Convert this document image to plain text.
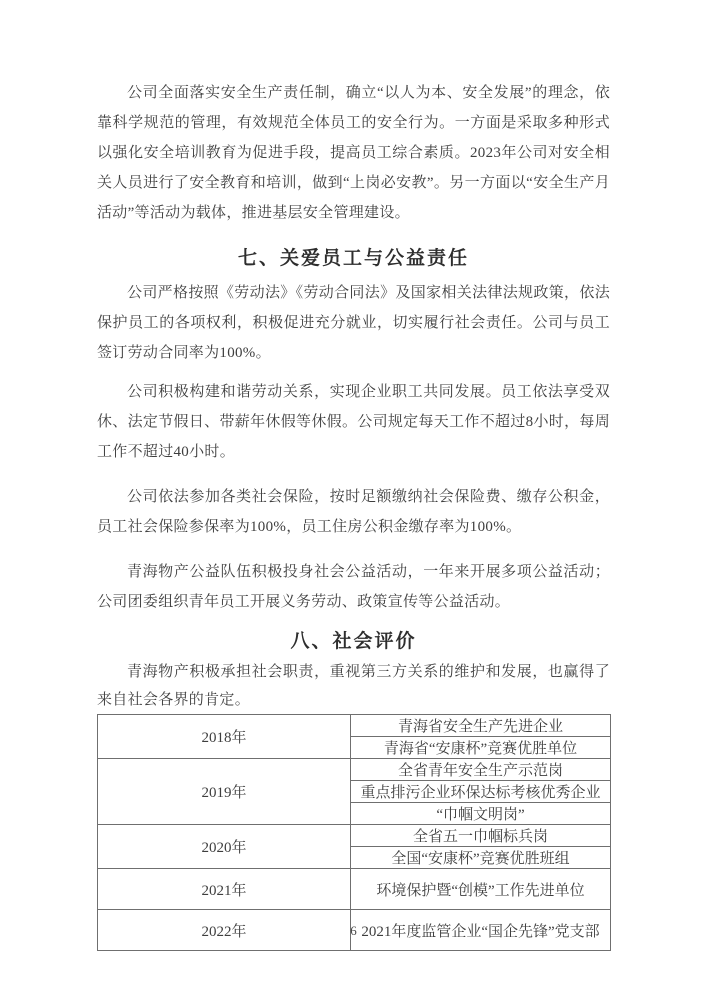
公司全面落实安全生产责任制，确立“以人为本、安全发展”的理念，依靠科学规范的管理，有效规范全体员工的安全行为。一方面是采取多种形式以强化安全培训教育为促进手段，提高员工综合素质。2023年公司对安全相关人员进行了安全教育和培训，做到“上岗必安教”。另一方面以“安全生产月活动”等活动为载体，推进基层安全管理建设。

七、关爱员工与公益责任

公司严格按照《劳动法》《劳动合同法》及国家相关法律法规政策，依法保护员工的各项权利，积极促进充分就业，切实履行社会责任。公司与员工签订劳动合同率为100%。

公司积极构建和谐劳动关系，实现企业职工共同发展。员工依法享受双休、法定节假日、带薪年休假等休假。公司规定每天工作不超过8小时，每周工作不超过40小时。

公司依法参加各类社会保险，按时足额缴纳社会保险费、缴存公积金，员工社会保险参保率为100%，员工住房公积金缴存率为100%。

青海物产公益队伍积极投身社会公益活动，一年来开展多项公益活动；公司团委组织青年员工开展义务劳动、政策宣传等公益活动。

八、社会评价

青海物产积极承担社会职责，重视第三方关系的维护和发展，也赢得了来自社会各界的肯定。

2018年	青海省安全生产先进企业
	青海省“安康杯”竞赛优胜单位
2019年	全省青年安全生产示范岗
	重点排污企业环保达标考核优秀企业
	“巾帼文明岗”
2020年	全省五一巾帼标兵岗
	全国“安康杯”竞赛优胜班组
2021年	环境保护暨“创模”工作先进单位
2022年	2021年度监管企业“国企先锋”党支部
6
